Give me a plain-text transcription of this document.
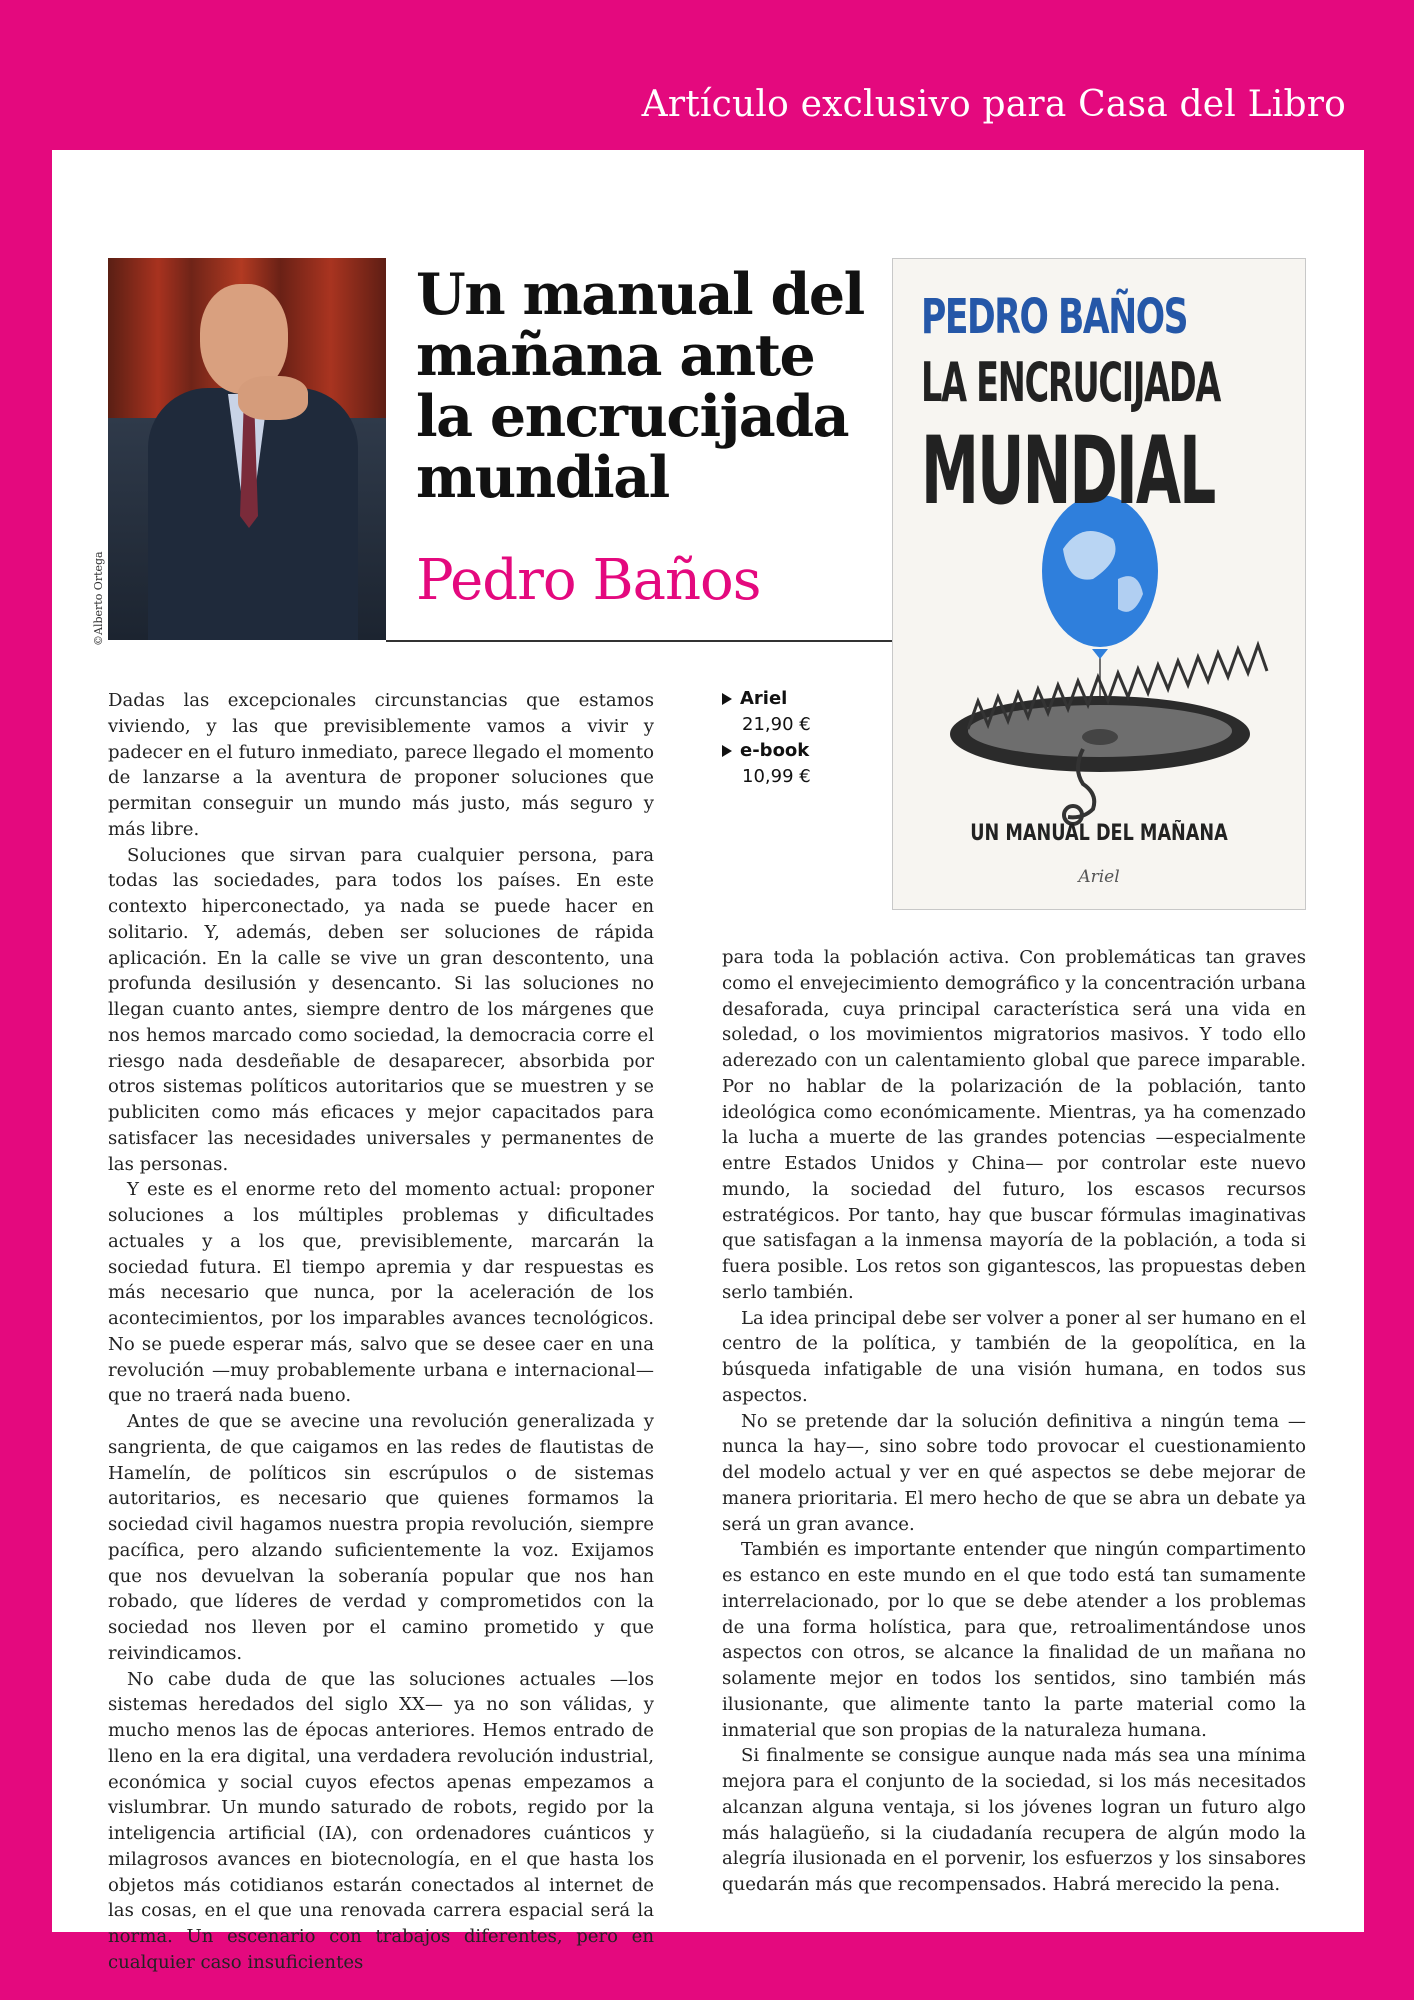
Artículo exclusivo para Casa del Libro
©Alberto Ortega
Un manual del mañana ante la encrucijada mundial
Pedro Baños
PEDRO BAÑOS
LA ENCRUCIJADA
MUNDIAL
UN MANUAL DEL MAÑANA
Ariel
Ariel
21,90 €
e-book
10,99 €

Dadas las excepcionales circunstancias que estamos viviendo, y las que previsiblemente vamos a vivir y padecer en el futuro inmediato, parece llegado el momento de lanzarse a la aventura de proponer soluciones que permitan conseguir un mundo más justo, más seguro y más libre.

Soluciones que sirvan para cualquier persona, para todas las sociedades, para todos los países. En este contexto hiperconectado, ya nada se puede hacer en solitario. Y, además, deben ser soluciones de rápida aplicación. En la calle se vive un gran descontento, una profunda desilusión y desencanto. Si las soluciones no llegan cuanto antes, siempre dentro de los márgenes que nos hemos marcado como sociedad, la democracia corre el riesgo nada desdeñable de desaparecer, absorbida por otros sistemas políticos autoritarios que se muestren y se publiciten como más eficaces y mejor capacitados para satisfacer las necesidades universales y permanentes de las personas.

Y este es el enorme reto del momento actual: proponer soluciones a los múltiples problemas y dificultades actuales y a los que, previsiblemente, marcarán la sociedad futura. El tiempo apremia y dar respuestas es más necesario que nunca, por la aceleración de los acontecimientos, por los imparables avances tecnológicos. No se puede esperar más, salvo que se desee caer en una revolución —muy probablemente urbana e internacional— que no traerá nada bueno.

Antes de que se avecine una revolución generalizada y sangrienta, de que caigamos en las redes de flautistas de Hamelín, de políticos sin escrúpulos o de sistemas autoritarios, es necesario que quienes formamos la sociedad civil hagamos nuestra propia revolución, siempre pacífica, pero alzando suficientemente la voz. Exijamos que nos devuelvan la soberanía popular que nos han robado, que líderes de verdad y comprometidos con la sociedad nos lleven por el camino prometido y que reivindicamos.

No cabe duda de que las soluciones actuales —los sistemas heredados del siglo XX— ya no son válidas, y mucho menos las de épocas anteriores. Hemos entrado de lleno en la era digital, una verdadera revolución industrial, económica y social cuyos efectos apenas empezamos a vislumbrar. Un mundo saturado de robots, regido por la inteligencia artificial (IA), con ordenadores cuánticos y milagrosos avances en biotecnología, en el que hasta los objetos más cotidianos estarán conectados al internet de las cosas, en el que una renovada carrera espacial será la norma. Un escenario con trabajos diferentes, pero en cualquier caso insuficientes

para toda la población activa. Con problemáticas tan graves como el envejecimiento demográfico y la concentración urbana desaforada, cuya principal característica será una vida en soledad, o los movimientos migratorios masivos. Y todo ello aderezado con un calentamiento global que parece imparable. Por no hablar de la polarización de la población, tanto ideológica como económicamente. Mientras, ya ha comenzado la lucha a muerte de las grandes potencias —especialmente entre Estados Unidos y China— por controlar este nuevo mundo, la sociedad del futuro, los escasos recursos estratégicos. Por tanto, hay que buscar fórmulas imaginativas que satisfagan a la inmensa mayoría de la población, a toda si fuera posible. Los retos son gigantescos, las propuestas deben serlo también.

La idea principal debe ser volver a poner al ser humano en el centro de la política, y también de la geopolítica, en la búsqueda infatigable de una visión humana, en todos sus aspectos.

No se pretende dar la solución definitiva a ningún tema —nunca la hay—, sino sobre todo provocar el cuestionamiento del modelo actual y ver en qué aspectos se debe mejorar de manera prioritaria. El mero hecho de que se abra un debate ya será un gran avance.

También es importante entender que ningún compartimento es estanco en este mundo en el que todo está tan sumamente interrelacionado, por lo que se debe atender a los problemas de una forma holística, para que, retroalimentándose unos aspectos con otros, se alcance la finalidad de un mañana no solamente mejor en todos los sentidos, sino también más ilusionante, que alimente tanto la parte material como la inmaterial que son propias de la naturaleza humana.

Si finalmente se consigue aunque nada más sea una mínima mejora para el conjunto de la sociedad, si los más necesitados alcanzan alguna ventaja, si los jóvenes logran un futuro algo más halagüeño, si la ciudadanía recupera de algún modo la alegría ilusionada en el porvenir, los esfuerzos y los sinsabores quedarán más que recompensados. Habrá merecido la pena.
